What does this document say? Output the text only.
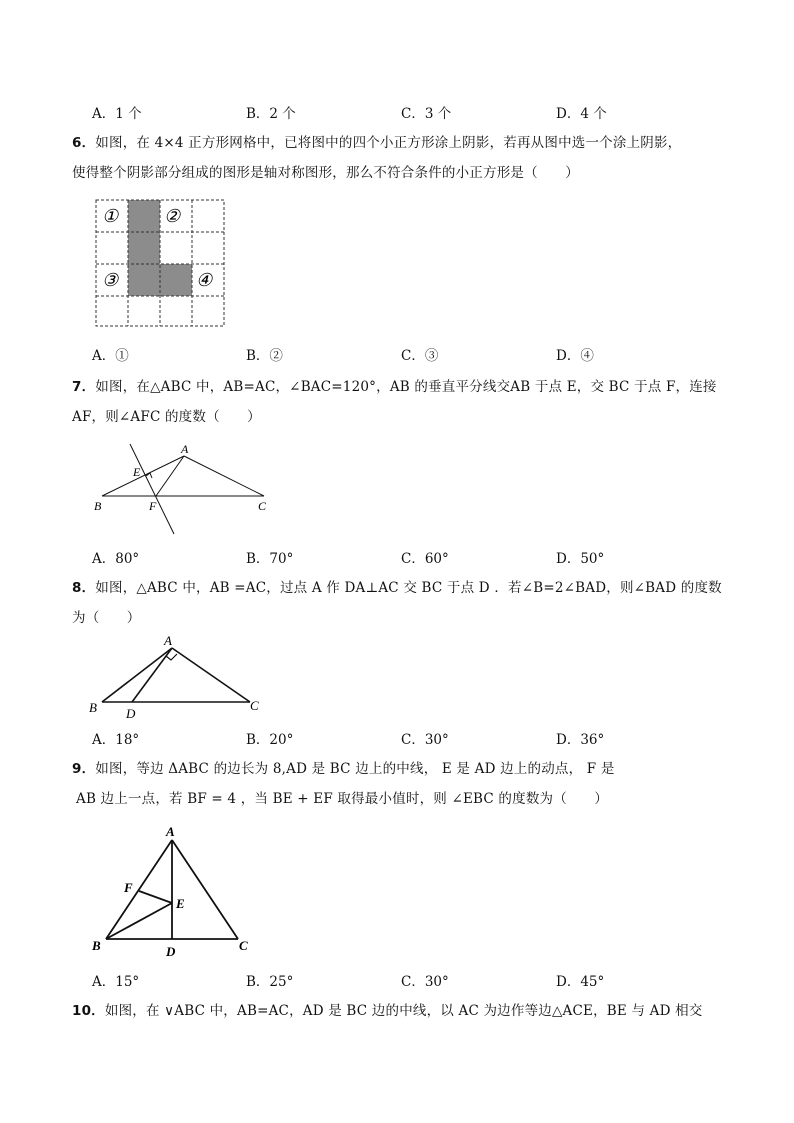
A．1 个	B．2 个	C．3 个	D．4 个
6．如图，在 4×4 正方形网格中，已将图中的四个小正方形涂上阴影，若再从图中选一个涂上阴影，
使得整个阴影部分组成的图形是轴对称图形，那么不符合条件的小正方形是（　　）
①	②
③	④
A．①	B．②	C．③	D．④
7．如图，在△ABC 中，AB=AC，∠BAC=120°，AB 的垂直平分线交AB 于点 E，交 BC 于点 F，连接
AF，则∠AFC 的度数（　　）
A
E
B	F	C
A．80°	B．70°	C．60°	D．50°
8．如图，△ABC 中，AB =AC，过点 A 作 DA⊥AC 交 BC 于点 D ．若∠B=2∠BAD，则∠BAD 的度数
为（　　）
A
B D
C
A．18°	B．20°	C．30°	D．36°
9．如图，等边 ΔABC 的边长为 8,AD 是 BC 边上的中线， E 是 AD 边上的动点， F 是
AB 边上一点，若 BF = 4 ，当 BE + EF 取得最小值时，则 ∠EBC 的度数为（　　）
A
F
E
B	D	C
A．15°	B．25°	C．30°	D．45°
10．如图，在 ∨ABC 中，AB=AC，AD 是 BC 边的中线，以 AC 为边作等边△ACE，BE 与 AD 相交
